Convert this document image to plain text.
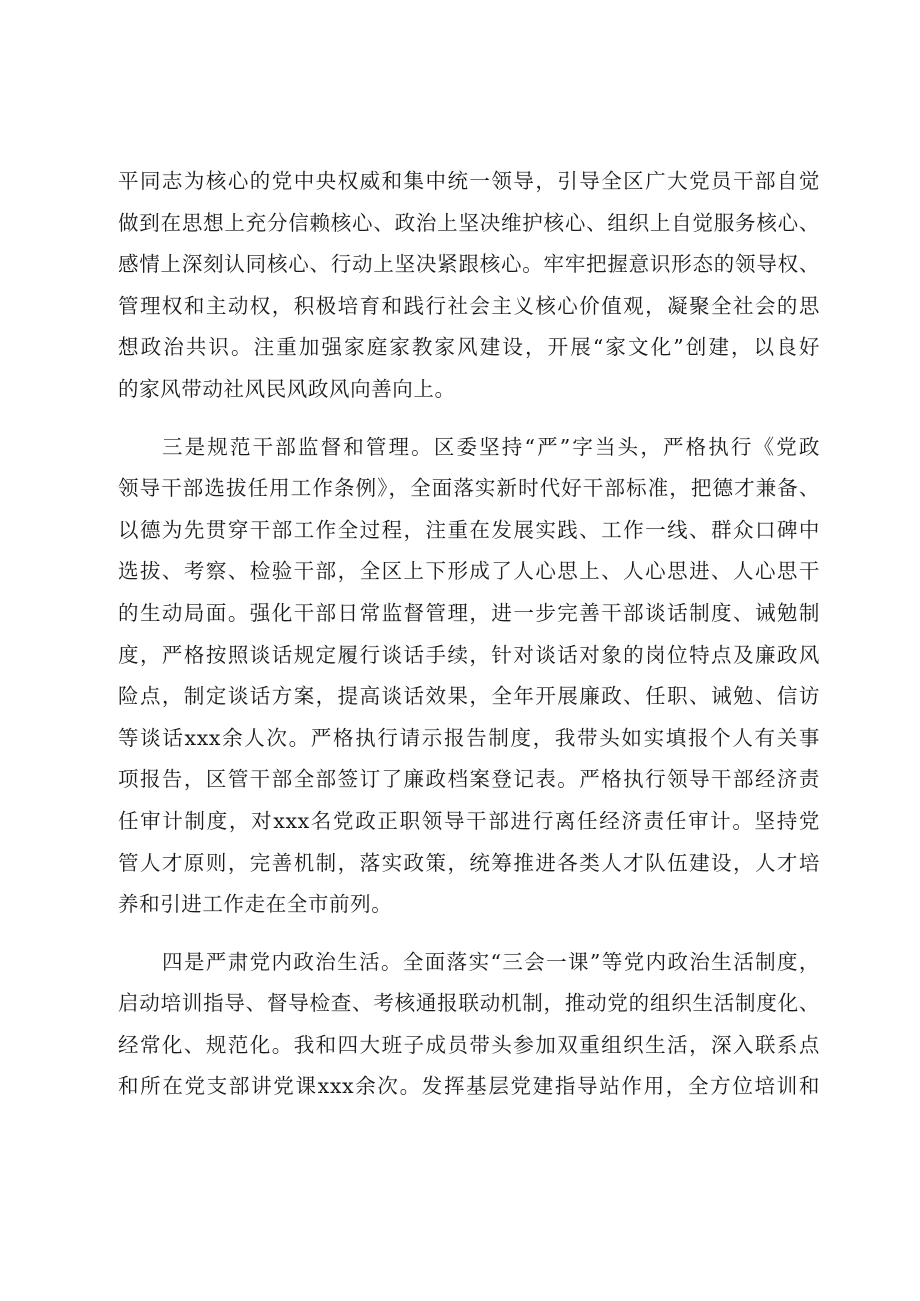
平同志为核心的党中央权威和集中统一领导，引导全区广大党员干部自觉
做到在思想上充分信赖核心、政治上坚决维护核心、组织上自觉服务核心、
感情上深刻认同核心、行动上坚决紧跟核心。牢牢把握意识形态的领导权、
管理权和主动权，积极培育和践行社会主义核心价值观，凝聚全社会的思
想政治共识。注重加强家庭家教家风建设，开展“家文化”创建，以良好
的家风带动社风民风政风向善向上。
三是规范干部监督和管理。区委坚持“严”字当头，严格执行《党政
领导干部选拔任用工作条例》，全面落实新时代好干部标准，把德才兼备、
以德为先贯穿干部工作全过程，注重在发展实践、工作一线、群众口碑中
选拔、考察、检验干部，全区上下形成了人心思上、人心思进、人心思干
的生动局面。强化干部日常监督管理，进一步完善干部谈话制度、诫勉制
度，严格按照谈话规定履行谈话手续，针对谈话对象的岗位特点及廉政风
险点，制定谈话方案，提高谈话效果，全年开展廉政、任职、诫勉、信访
等谈话xxx余人次。严格执行请示报告制度，我带头如实填报个人有关事
项报告，区管干部全部签订了廉政档案登记表。严格执行领导干部经济责
任审计制度，对xxx名党政正职领导干部进行离任经济责任审计。坚持党
管人才原则，完善机制，落实政策，统筹推进各类人才队伍建设，人才培
养和引进工作走在全市前列。
四是严肃党内政治生活。全面落实“三会一课”等党内政治生活制度，
启动培训指导、督导检查、考核通报联动机制，推动党的组织生活制度化、
经常化、规范化。我和四大班子成员带头参加双重组织生活，深入联系点
和所在党支部讲党课xxx余次。发挥基层党建指导站作用，全方位培训和
